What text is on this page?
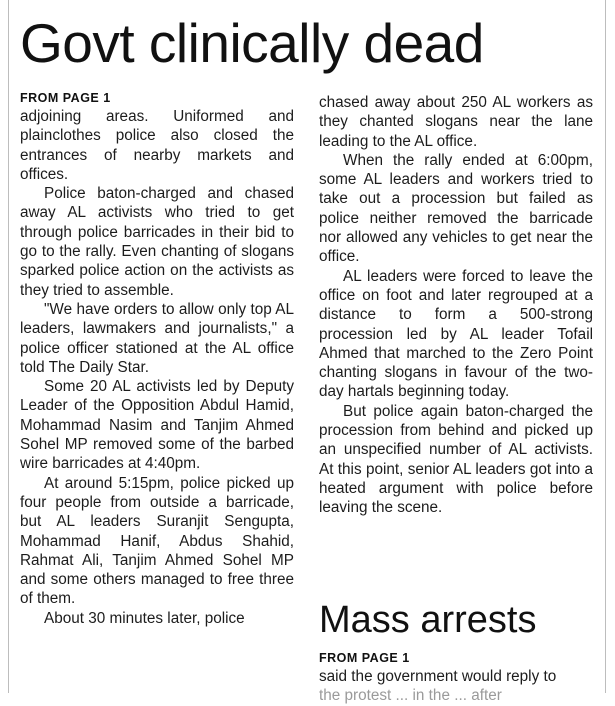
Govt clinically dead
FROM PAGE 1

adjoining areas. Uniformed and plainclothes police also closed the entrances of nearby markets and offices.

Police baton-charged and chased away AL activists who tried to get through police barricades in their bid to go to the rally. Even chanting of slogans sparked police action on the activists as they tried to assemble.

"We have orders to allow only top AL leaders, lawmakers and journalists," a police officer stationed at the AL office told The Daily Star.

Some 20 AL activists led by Deputy Leader of the Opposition Abdul Hamid, Mohammad Nasim and Tanjim Ahmed Sohel MP removed some of the barbed wire barricades at 4:40pm.

At around 5:15pm, police picked up four people from outside a barricade, but AL leaders Suranjit Sengupta, Mohammad Hanif, Abdus Shahid, Rahmat Ali, Tanjim Ahmed Sohel MP and some others managed to free three of them.

About 30 minutes later, police

chased away about 250 AL workers as they chanted slogans near the lane leading to the AL office.

When the rally ended at 6:00pm, some AL leaders and workers tried to take out a procession but failed as police neither removed the barricade nor allowed any vehicles to get near the office.

AL leaders were forced to leave the office on foot and later regrouped at a distance to form a 500-strong procession led by AL leader Tofail Ahmed that marched to the Zero Point chanting slogans in favour of the two-day hartals beginning today.

But police again baton-charged the procession from behind and picked up an unspecified number of AL activists. At this point, senior AL leaders got into a heated argument with police before leaving the scene.

Mass arrests
FROM PAGE 1

said the government would reply to

the protest ... in the ... after
